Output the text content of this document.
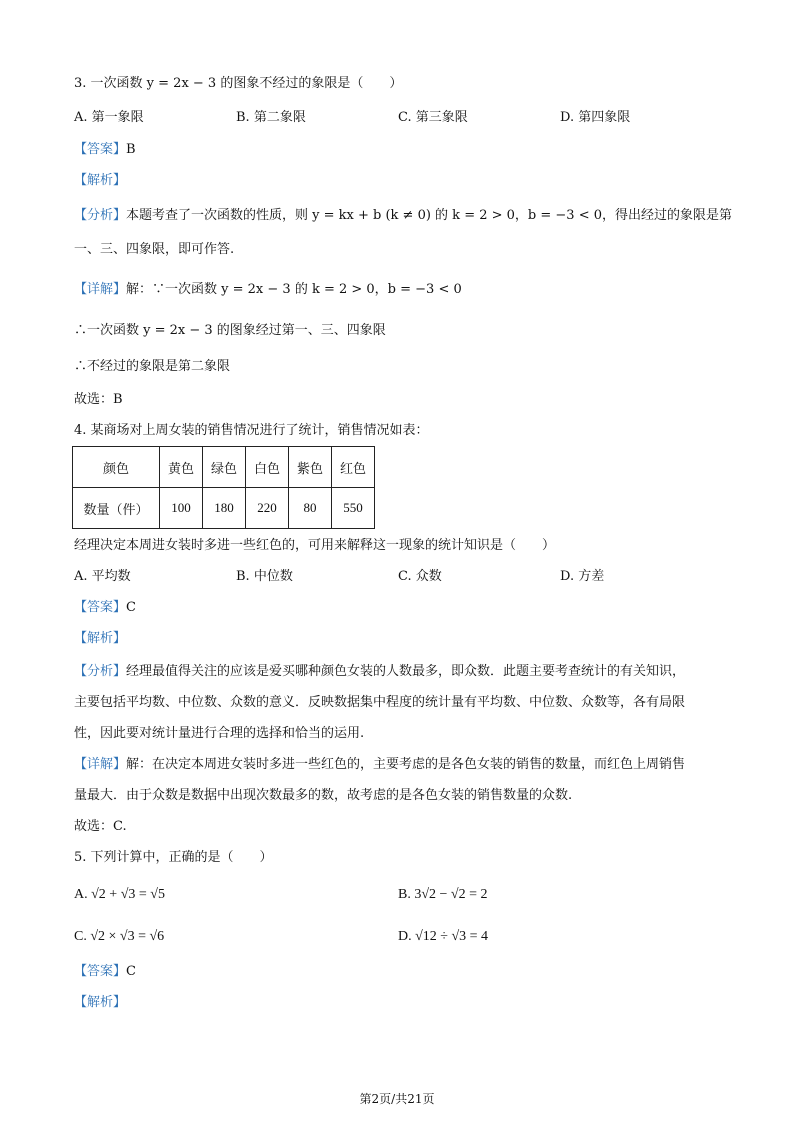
3. 一次函数 y = 2x − 3 的图象不经过的象限是（　　）
A. 第一象限	B. 第二象限	C. 第三象限	D. 第四象限
【答案】B
【解析】
【分析】本题考查了一次函数的性质，则 y = kx + b (k ≠ 0) 的 k = 2 > 0，b = −3 < 0，得出经过的象限是第
一、三、四象限，即可作答.
【详解】解：∵一次函数 y = 2x − 3 的 k = 2 > 0，b = −3 < 0
∴一次函数 y = 2x − 3 的图象经过第一、三、四象限
∴不经过的象限是第二象限
故选：B
4. 某商场对上周女装的销售情况进行了统计，销售情况如表：
颜色	黄色	绿色	白色	紫色	红色
数量（件）	100	180	220	80	550
经理决定本周进女装时多进一些红色的，可用来解释这一现象的统计知识是（　　）
A. 平均数	B. 中位数	C. 众数	D. 方差
【答案】C
【解析】
【分析】经理最值得关注的应该是爱买哪种颜色女装的人数最多，即众数．此题主要考查统计的有关知识，
主要包括平均数、中位数、众数的意义．反映数据集中程度的统计量有平均数、中位数、众数等，各有局限
性，因此要对统计量进行合理的选择和恰当的运用.
【详解】解：在决定本周进女装时多进一些红色的，主要考虑的是各色女装的销售的数量，而红色上周销售
量最大．由于众数是数据中出现次数最多的数，故考虑的是各色女装的销售数量的众数.
故选：C.
5. 下列计算中，正确的是（　　）
A. √2 + √3 = √5	B. 3√2 − √2 = 2
C. √2 × √3 = √6	D. √12 ÷ √3 = 4
【答案】C
【解析】
第2页/共21页
